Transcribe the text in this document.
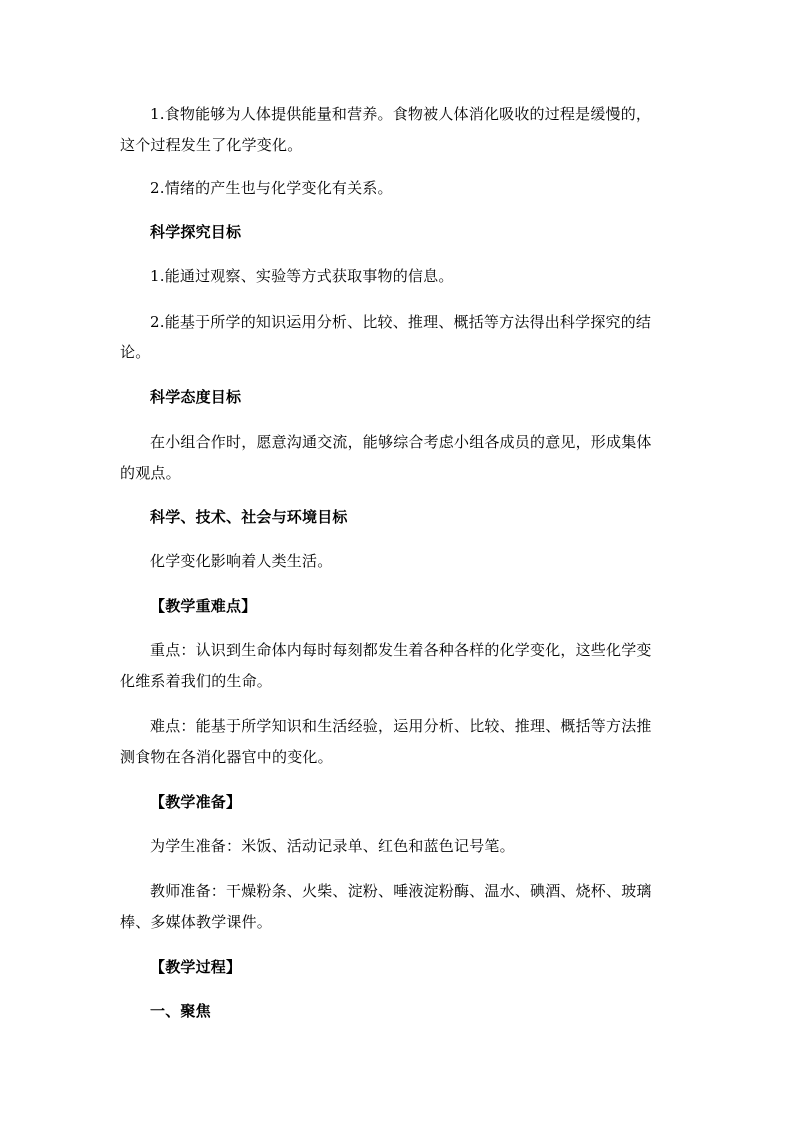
1.食物能够为人体提供能量和营养。食物被人体消化吸收的过程是缓慢的，
这个过程发生了化学变化。
2.情绪的产生也与化学变化有关系。
科学探究目标
1.能通过观察、实验等方式获取事物的信息。
2.能基于所学的知识运用分析、比较、推理、概括等方法得出科学探究的结
论。
科学态度目标
在小组合作时，愿意沟通交流，能够综合考虑小组各成员的意见，形成集体
的观点。
科学、技术、社会与环境目标
化学变化影响着人类生活。
【教学重难点】
重点：认识到生命体内每时每刻都发生着各种各样的化学变化，这些化学变
化维系着我们的生命。
难点：能基于所学知识和生活经验，运用分析、比较、推理、概括等方法推
测食物在各消化器官中的变化。
【教学准备】
为学生准备：米饭、活动记录单、红色和蓝色记号笔。
教师准备：干燥粉条、火柴、淀粉、唾液淀粉酶、温水、碘酒、烧杯、玻璃
棒、多媒体教学课件。
【教学过程】
一、聚焦
